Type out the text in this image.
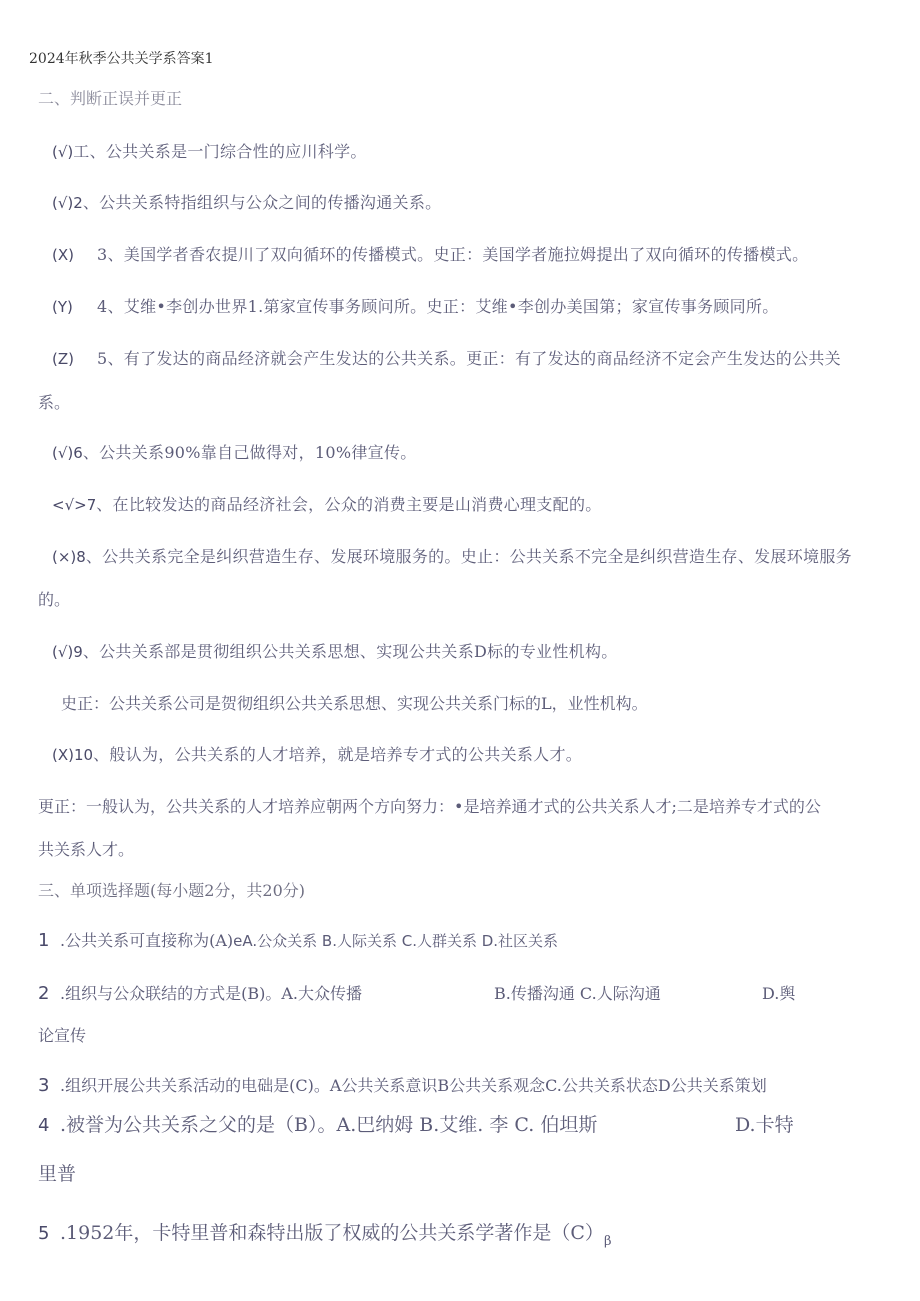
2024年秋季公共关学系答案1
二、判断正误并更正
(√)工、公共关系是一门综合性的应川科学。
(√)2、公共关系特指组织与公众之间的传播沟通关系。
(X) 3、美国学者香农提川了双向循环的传播模式。史正：美国学者施拉姆提出了双向循环的传播模式。
(Y) 4、艾维•李创办世界1.第家宣传事务顾问所。史正：艾维•李创办美国第；家宣传事务顾同所。
(Z) 5、有了发达的商品经济就会产生发达的公共关系。更正：有了发达的商品经济不定会产生发达的公共关
系。
(√)6、公共关系90%靠自己做得对，10%律宣传。
<√>7、在比较发达的商品经济社会，公众的消费主要是山消费心理支配的。
(×)8、公共关系完全是纠织营造生存、发展环境服务的。史止：公共关系不完全是纠织营造生存、发展环境服务
的。
(√)9、公共关系部是贯彻组织公共关系思想、实现公共关系D标的专业性机构。
史正：公共关系公司是贺彻组织公共关系思想、实现公共关系门标的L，业性机构。
(X)10、般认为，公共关系的人才培养，就是培养专才式的公共关系人才。
更正：一般认为，公共关系的人才培养应朝两个方向努力：•是培养通才式的公共关系人才;二是培养专才式的公
共关系人才。
三、单项选择题(每小题2分，共20分)
1 .公共关系可直接称为(A)eA.公众关系 B.人际关系 C.人群关系 D.社区关系
2 .组织与公众联结的方式是(B)。A.大众传播	B.传播沟通 C.人际沟通	D.舆
论宣传
3 .组织开展公共关系活动的电础是(C)。A公共关系意识B公共关系观念C.公共关系状态D公共关系策划
4 .被誉为公共关系之父的是（B）。A.巴纳姆 B.艾维. 李 C. 伯坦斯	D.卡特
里普
5 .1952年，卡特里普和森特出版了权威的公共关系学著作是$(C)_\beta$
